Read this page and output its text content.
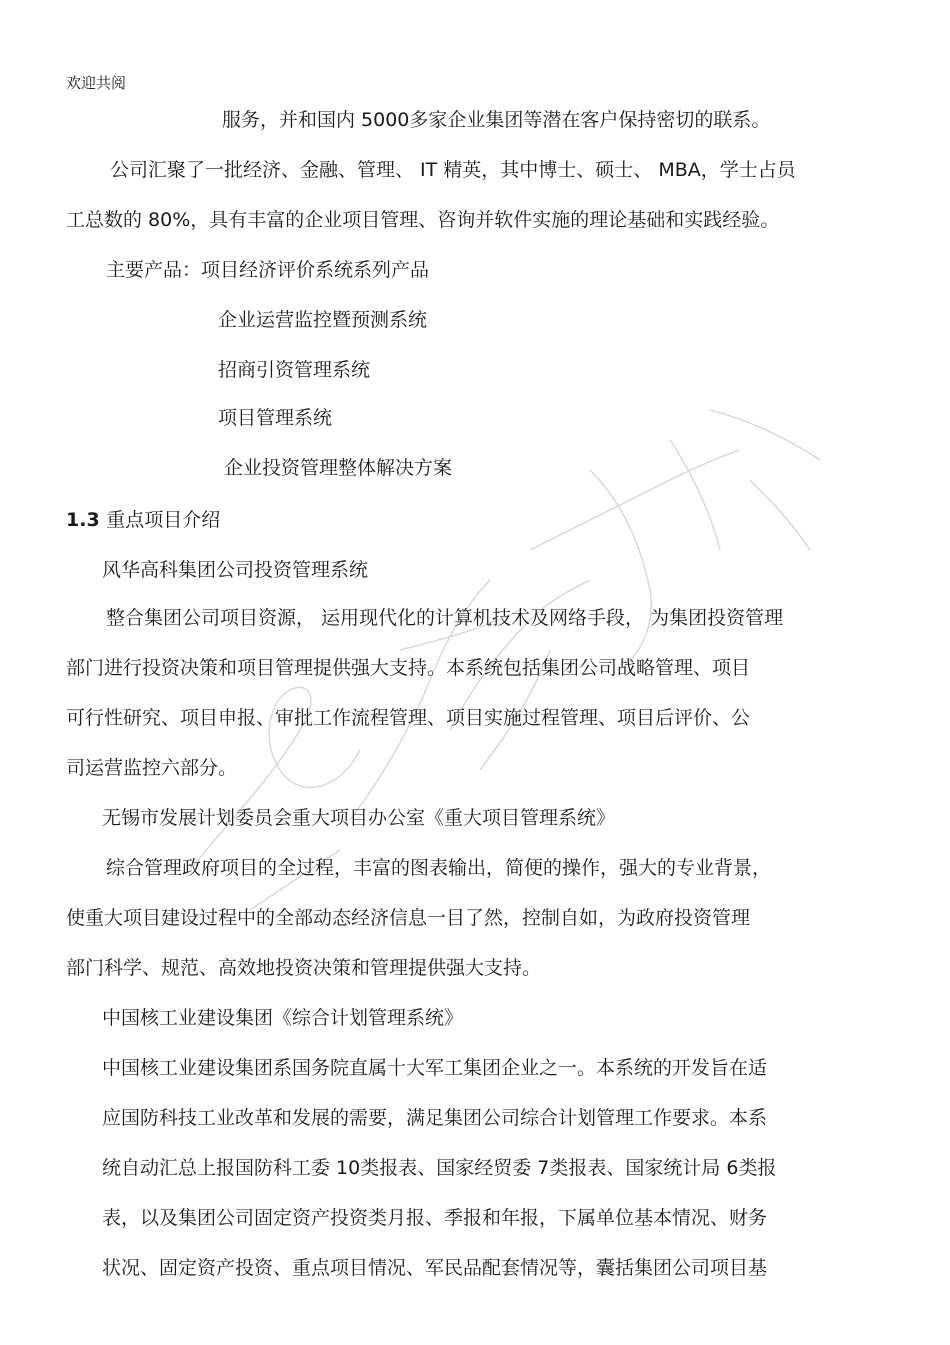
欢迎共阅
服务，并和国内 5000多家企业集团等潜在客户保持密切的联系。
公司汇聚了一批经济、金融、管理、 IT 精英，其中博士、硕士、 MBA，学士占员
工总数的 80%，具有丰富的企业项目管理、咨询并软件实施的理论基础和实践经验。
主要产品：项目经济评价系统系列产品
企业运营监控暨预测系统
招商引资管理系统
项目管理系统
企业投资管理整体解决方案
1.3 重点项目介绍
风华高科集团公司投资管理系统
整合集团公司项目资源， 运用现代化的计算机技术及网络手段， 为集团投资管理
部门进行投资决策和项目管理提供强大支持。本系统包括集团公司战略管理、项目
可行性研究、项目申报、审批工作流程管理、项目实施过程管理、项目后评价、公
司运营监控六部分。
无锡市发展计划委员会重大项目办公室《重大项目管理系统》
综合管理政府项目的全过程，丰富的图表输出，简便的操作，强大的专业背景，
使重大项目建设过程中的全部动态经济信息一目了然，控制自如，为政府投资管理
部门科学、规范、高效地投资决策和管理提供强大支持。
中国核工业建设集团《综合计划管理系统》
中国核工业建设集团系国务院直属十大军工集团企业之一。本系统的开发旨在适
应国防科技工业改革和发展的需要，满足集团公司综合计划管理工作要求。本系
统自动汇总上报国防科工委 10类报表、国家经贸委 7类报表、国家统计局 6类报
表，以及集团公司固定资产投资类月报、季报和年报，下属单位基本情况、财务
状况、固定资产投资、重点项目情况、军民品配套情况等，囊括集团公司项目基
